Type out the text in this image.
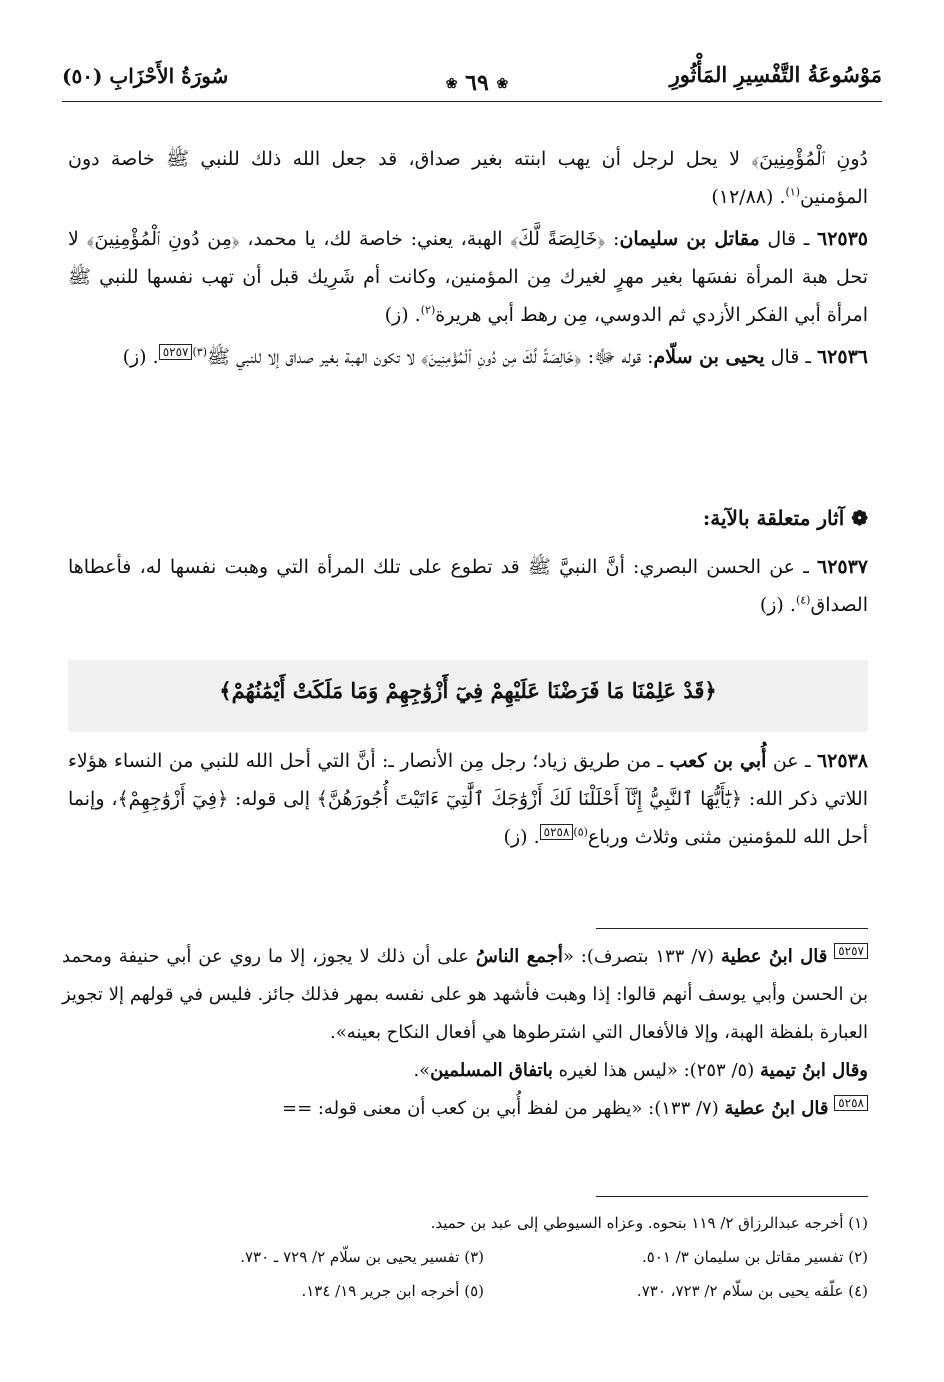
مَوْسُوعَةُ التَّفْسِيرِ المَأْثُورِ
❀ ٦٩ ❀
سُورَةُ الأَحْزَابِ (٥٠)

دُونِ ٱلْمُؤْمِنِينَ﴾ لا يحل لرجل أن يهب ابنته بغير صداق، قد جعل الله ذلك للنبي ﷺ خاصة دون المؤمنين$^{(١)}$. (١٢/٨٨)

٦٢٥٣٥ ـ قال مقاتل بن سليمان: ﴿خَالِصَةً لَّكَ﴾ الهبة، يعني: خاصة لك، يا محمد، ﴿مِن دُونِ ٱلْمُؤْمِنِينَ﴾ لا تحل هبة المرأة نفسَها بغير مهرٍ لغيرك مِن المؤمنين، وكانت أم شَرِيك قبل أن تهب نفسها للنبي ﷺ امرأة أبي الفكر الأزدي ثم الدوسي، مِن رهط أبي هريرة$^{(٢)}$. (ز)

٦٢٥٣٦ ـ قال يحيى بن سلّام: قوله ﷻ: ﴿خَالِصَةً لَّكَ مِن دُونِ ٱلْمُؤْمِنِينَ﴾ لا تكون الهبة بغير صداق إلا للنبي ﷺ$^{(٣)}$٥٢٥٧. (ز)

❁ آثار متعلقة بالآية:
٦٢٥٣٧ ـ عن الحسن البصري: أنَّ النبيَّ ﷺ قد تطوع على تلك المرأة التي وهبت نفسها له، فأعطاها الصداق$^{(٤)}$. (ز)
﴿قَدْ عَلِمْنَا مَا فَرَضْنَا عَلَيْهِمْ فِيٓ أَزْوَٰجِهِمْ وَمَا مَلَكَتْ أَيْمَٰنُهُمْ﴾
٦٢٥٣٨ ـ عن أُبي بن كعب ـ من طريق زياد؛ رجل مِن الأنصار ـ: أنَّ التي أحل الله للنبي من النساء هؤلاء اللاتي ذكر الله: ﴿يَٰٓأَيُّهَا ٱلنَّبِيُّ إِنَّآ أَحْلَلْنَا لَكَ أَزْوَٰجَكَ ٱلَّٰتِيٓ ءَاتَيْتَ أُجُورَهُنَّ﴾ إلى قوله: ﴿فِيٓ أَزْوَٰجِهِمْ﴾، وإنما أحل الله للمؤمنين مثنى وثلاث ورباع$^{(٥)}$٥٢٥٨. (ز)

٥٢٥٧ قال ابنُ عطية (٧/ ١٣٣ بتصرف): «أجمع الناسُ على أن ذلك لا يجوز، إلا ما روي عن أبي حنيفة ومحمد بن الحسن وأبي يوسف أنهم قالوا: إذا وهبت فأشهد هو على نفسه بمهر فذلك جائز. فليس في قولهم إلا تجويز العبارة بلفظة الهبة، وإلا فالأفعال التي اشترطوها هي أفعال النكاح بعينه».

وقال ابنُ تيمية (٥/ ٢٥٣): «ليس هذا لغيره باتفاق المسلمين».

٥٢٥٨ قال ابنُ عطية (٧/ ١٣٣): «يظهر من لفظ أُبي بن كعب أن معنى قوله: ==

(١) أخرجه عبدالرزاق ٢/ ١١٩ بنحوه. وعزاه السيوطي إلى عبد بن حميد.
(٢) تفسير مقاتل بن سليمان ٣/ ٥٠١.
(٣) تفسير يحيى بن سلّام ٢/ ٧٢٩ ـ ٧٣٠.
(٤) علّقه يحيى بن سلّام ٢/ ٧٢٣، ٧٣٠.
(٥) أخرجه ابن جرير ١٩/ ١٣٤.
